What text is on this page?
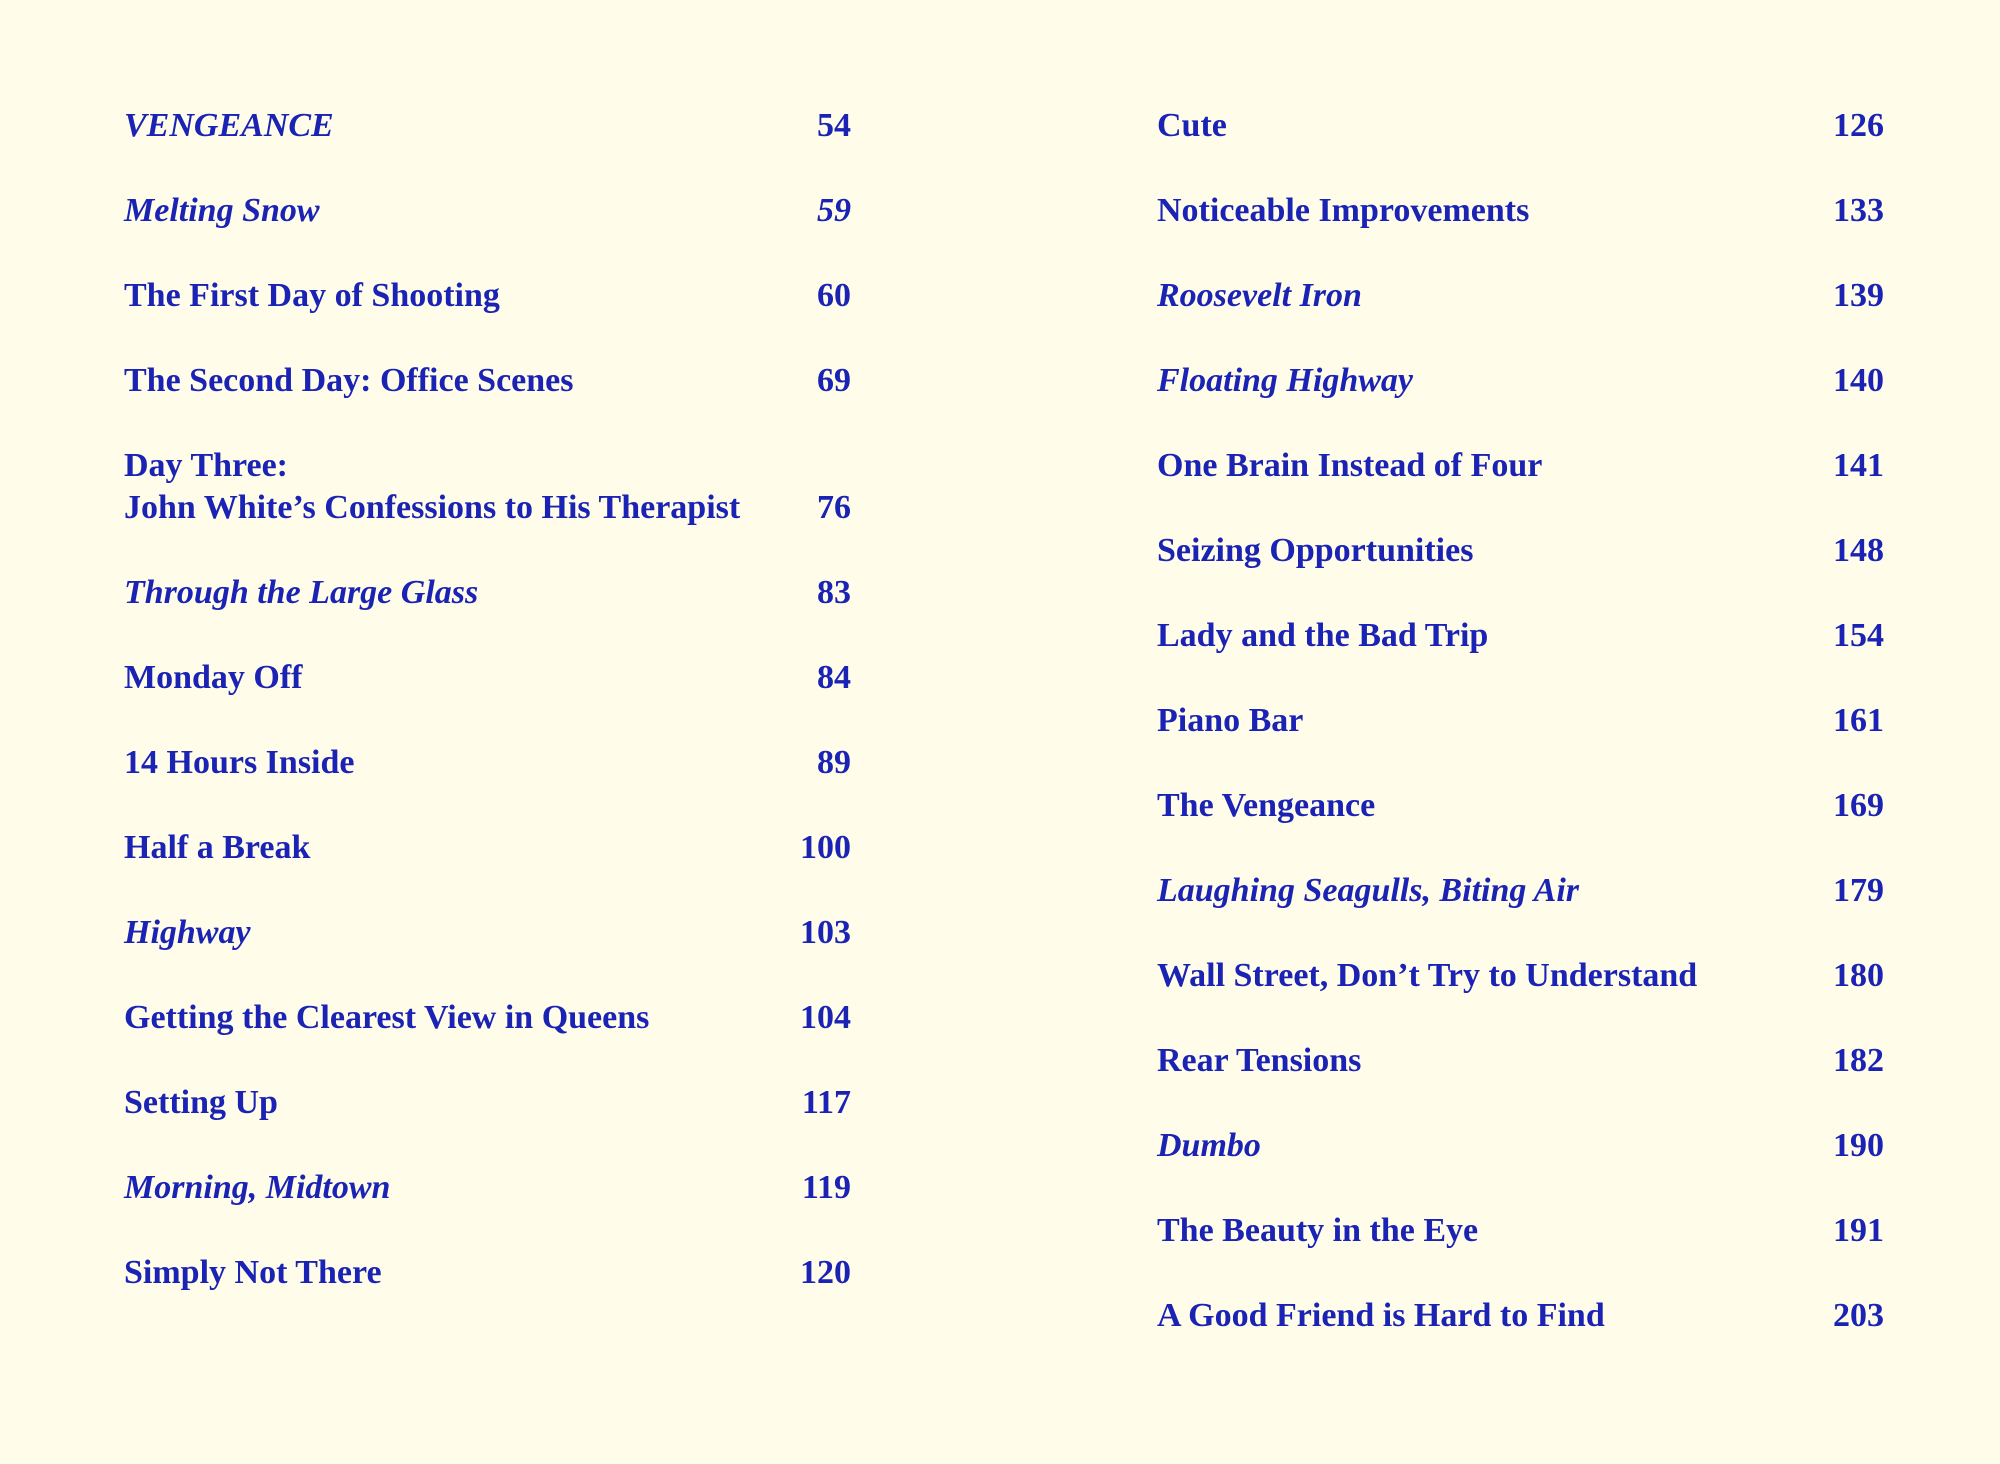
VENGEANCE	54
Melting Snow	59
The First Day of Shooting	60
The Second Day: Office Scenes	69
Day Three:
John White’s Confessions to His Therapist 76
Through the Large Glass	83
Monday Off	84
14 Hours Inside	89
Half a Break	100
Highway	103
Getting the Clearest View in Queens	104
Setting Up	117
Morning, Midtown	119
Simply Not There	120
Cute	126
Noticeable Improvements	133
Roosevelt Iron	139
Floating Highway	140
One Brain Instead of Four	141
Seizing Opportunities	148
Lady and the Bad Trip	154
Piano Bar	161
The Vengeance	169
Laughing Seagulls, Biting Air	179
Wall Street, Don’t Try to Understand	180
Rear Tensions	182
Dumbo	190
The Beauty in the Eye	191
A Good Friend is Hard to Find	203
